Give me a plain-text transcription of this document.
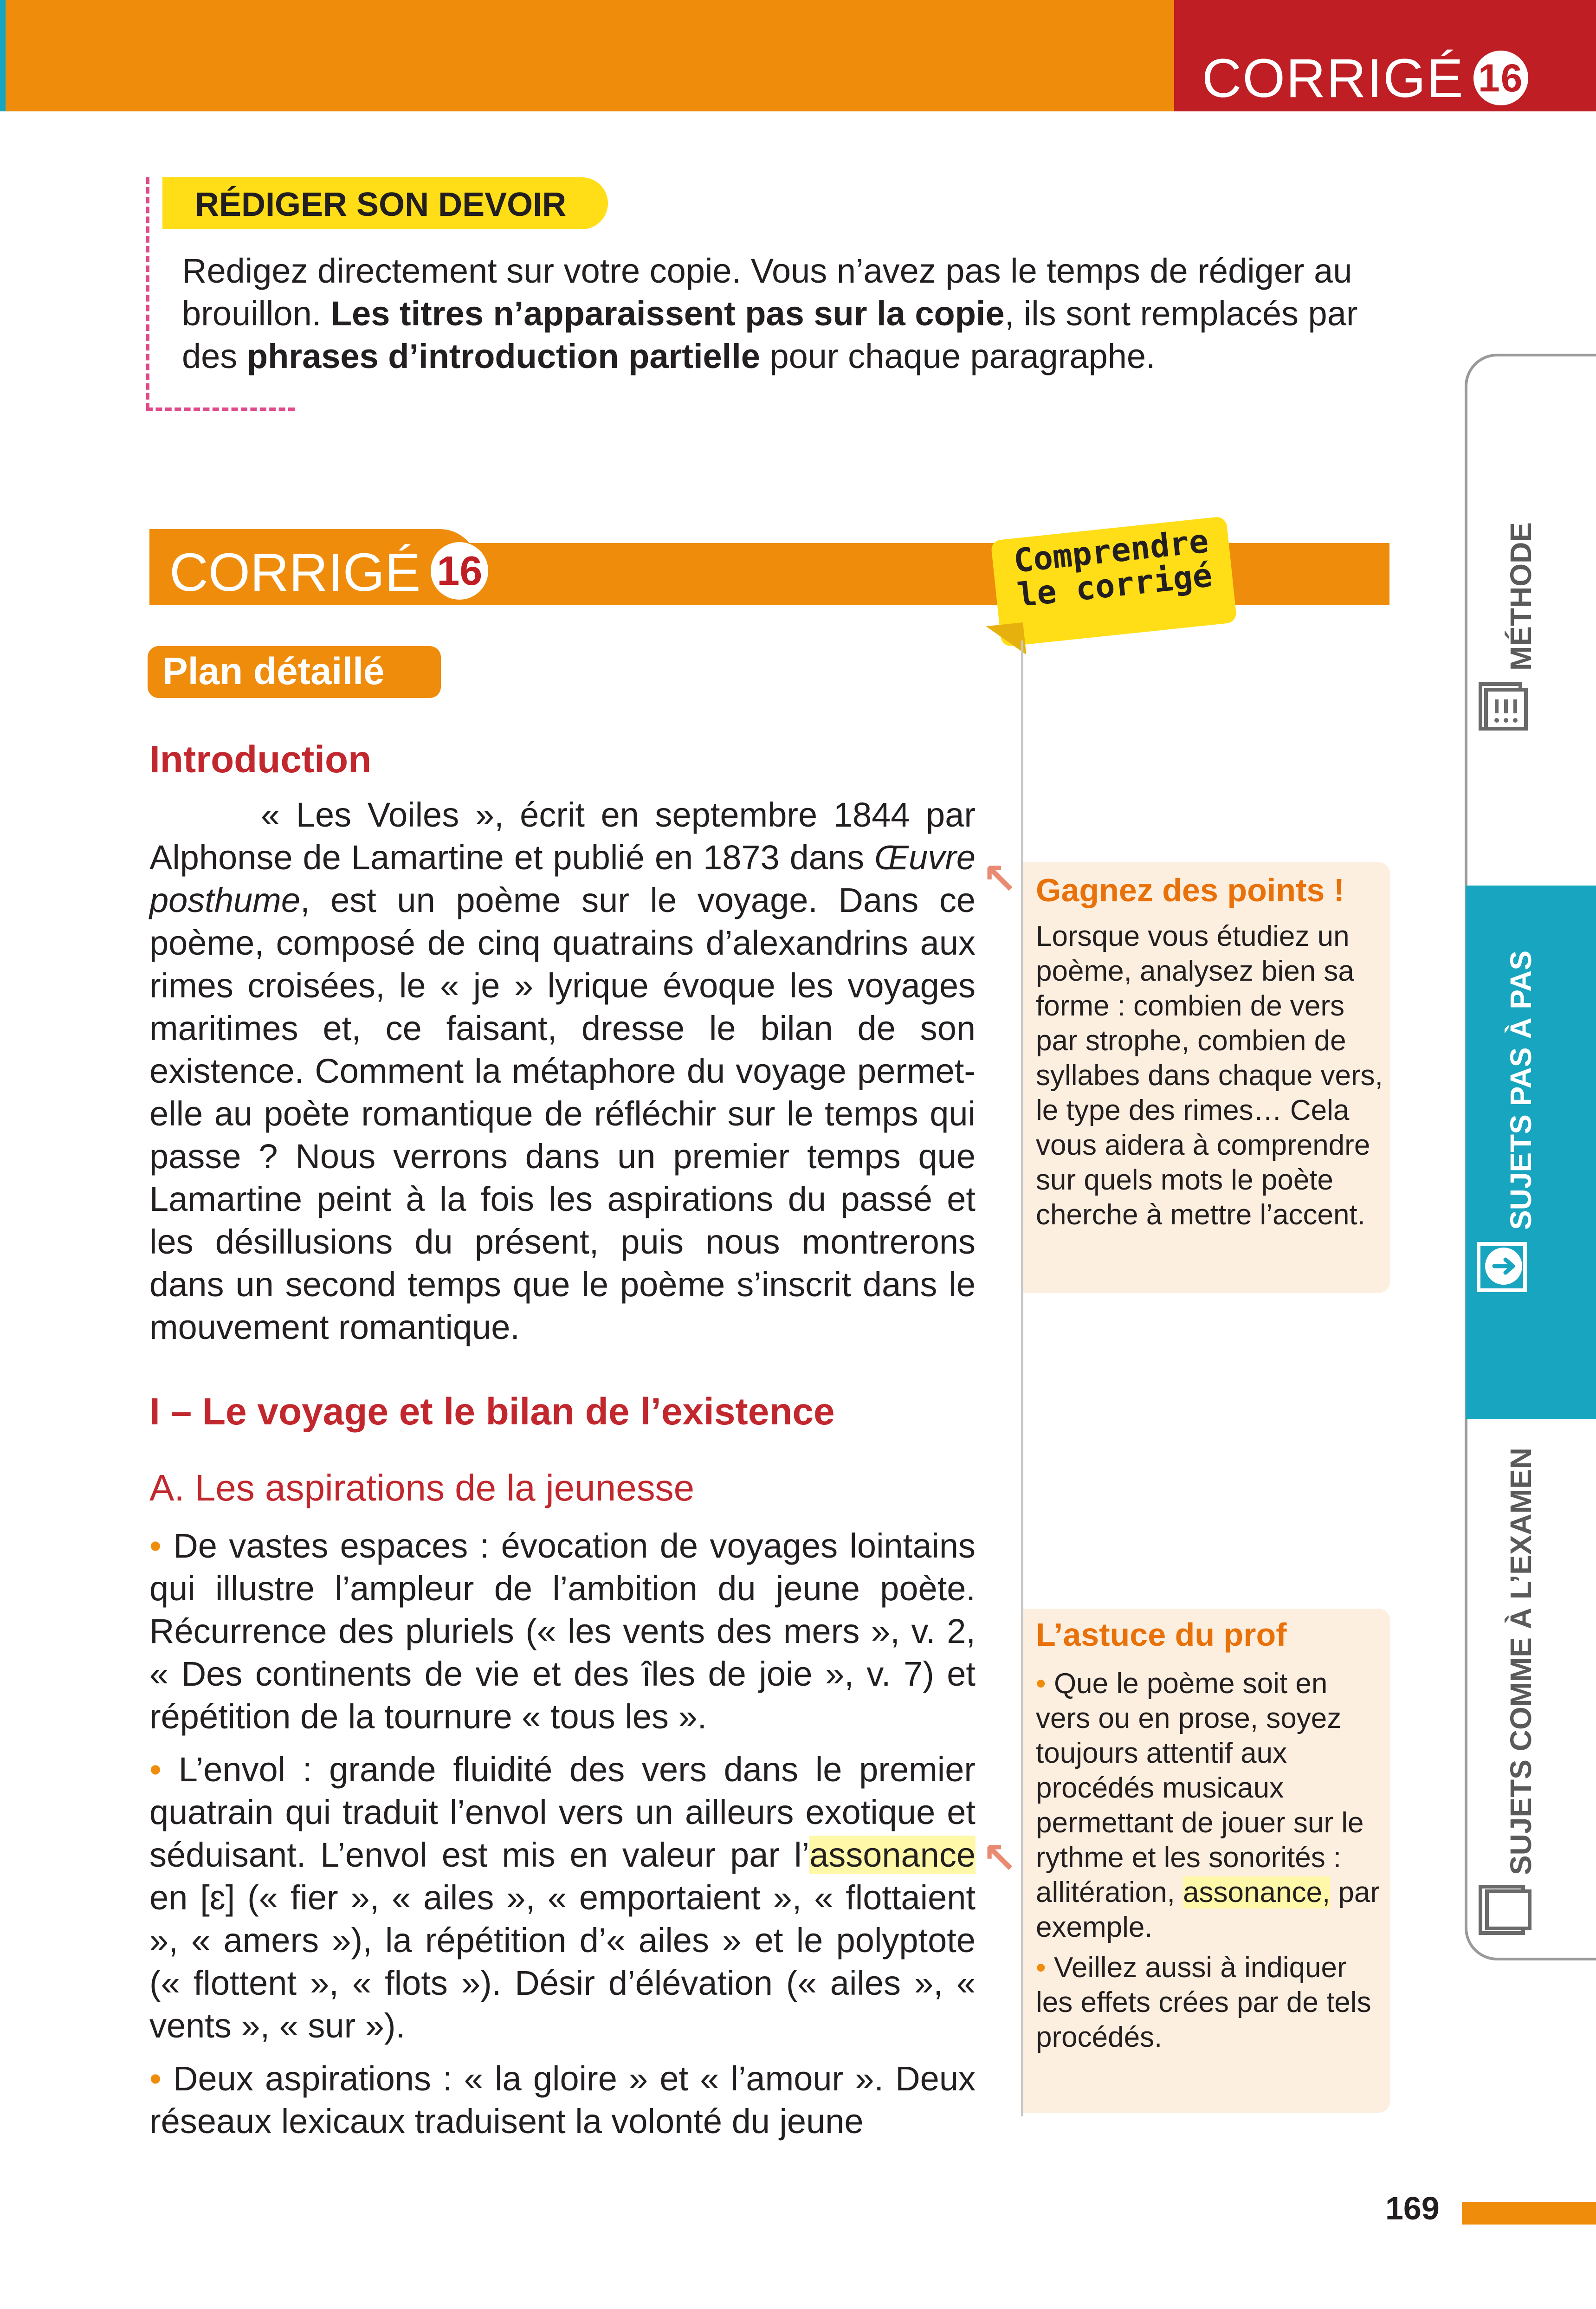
CORRIGÉ 16
RÉDIGER SON DEVOIR
Redigez directement sur votre copie. Vous n’avez pas le temps de rédiger au brouillon. Les titres n’apparaissent pas sur la copie, ils sont remplacés par des phrases d’introduction partielle pour chaque paragraphe.
CORRIGÉ 16	Comprendre le corrigé
Plan détaillé
Introduction
« Les Voiles », écrit en septembre 1844 par Alphonse de Lamartine et publié en 1873 dans Œuvre posthume, est un poème sur le voyage. Dans ce poème, composé de cinq quatrains d’alexandrins aux rimes croisées, le « je » lyrique évoque les voyages maritimes et, ce faisant, dresse le bilan de son existence. Comment la métaphore du voyage permet-elle au poète romantique de réfléchir sur le temps qui passe ? Nous verrons dans un premier temps que Lamartine peint à la fois les aspirations du passé et les désillusions du présent, puis nous montrerons dans un second temps que le poème s’inscrit dans le mouvement romantique.
I – Le voyage et le bilan de l’existence
A. Les aspirations de la jeunesse

• De vastes espaces : évocation de voyages lointains qui illustre l’ampleur de l’ambition du jeune poète. Récurrence des pluriels (« les vents des mers », v. 2, « Des continents de vie et des îles de joie », v. 7) et répétition de la tournure « tous les ».

• L’envol : grande fluidité des vers dans le premier quatrain qui traduit l’envol vers un ailleurs exotique et séduisant. L’envol est mis en valeur par l’assonance en [ɛ] (« fier », « ailes », « emportaient », « flottaient », « amers »), la répétition d’« ailes » et le polyptote (« flottent », « flots »). Désir d’élévation (« ailes », « vents », « sur »).

• Deux aspirations : « la gloire » et « l’amour ». Deux réseaux lexicaux traduisent la volonté du jeune

Gagnez des points !
Lorsque vous étudiez un poème, analysez bien sa forme : combien de vers par strophe, combien de syllabes dans chaque vers, le type des rimes… Cela vous aidera à comprendre sur quels mots le poète cherche à mettre l’accent.
↖
L’astuce du prof

• Que le poème soit en vers ou en prose, soyez toujours attentif aux procédés musicaux permettant de jouer sur le rythme et les sonorités : allitération, assonance, par exemple.

• Veillez aussi à indiquer les effets crées par de tels procédés.

↖
MÉTHODE
SUJETS PAS À PAS
SUJETS COMME À L’EXAMEN
169
